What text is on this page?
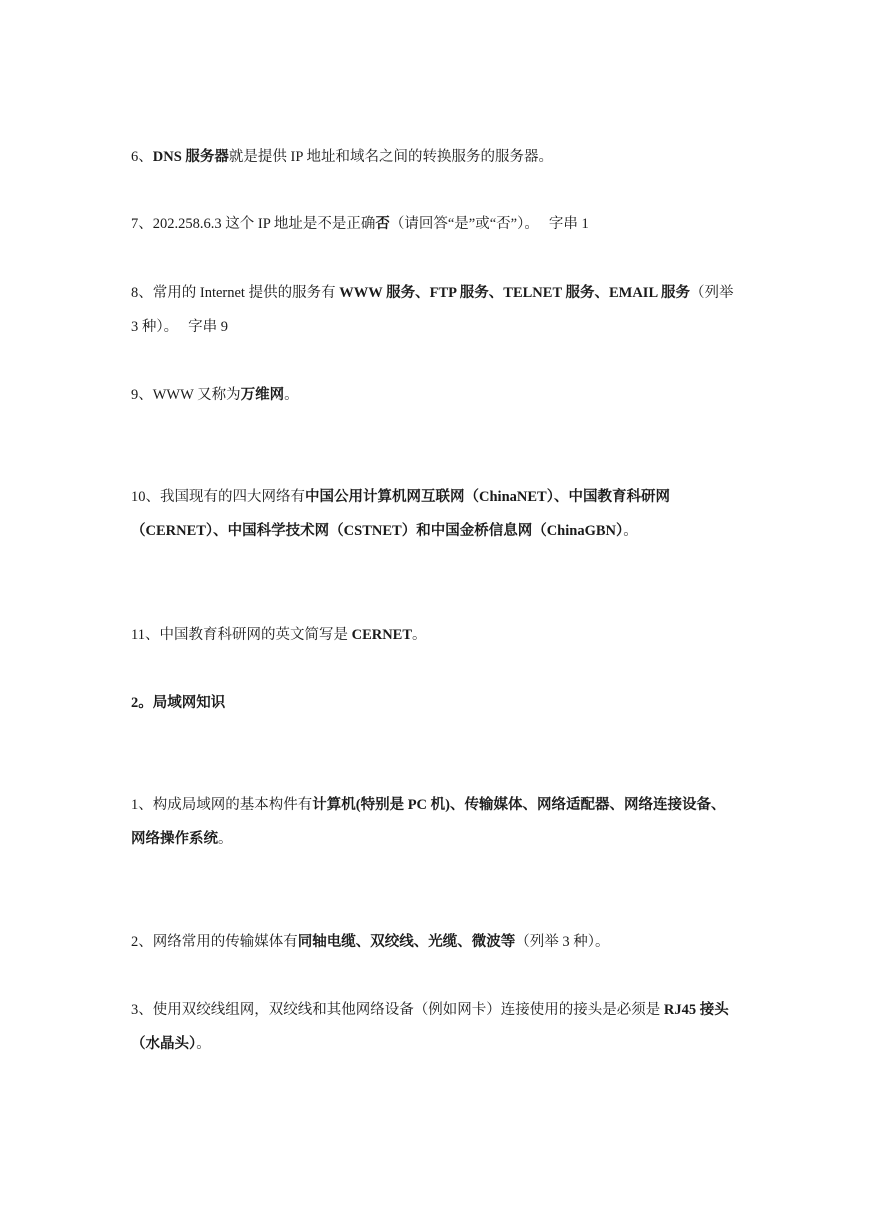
6、DNS 服务器就是提供 IP 地址和域名之间的转换服务的服务器。

7、202.258.6.3 这个 IP 地址是不是正确否（请回答“是”或“否”）。 字串 1

8、常用的 Internet 提供的服务有 WWW 服务、FTP 服务、TELNET 服务、EMAIL 服务（列举 3 种）。 字串 9

9、WWW 又称为万维网。

10、我国现有的四大网络有中国公用计算机网互联网（ChinaNET）、中国教育科研网（CERNET）、中国科学技术网（CSTNET）和中国金桥信息网（ChinaGBN）。

11、中国教育科研网的英文简写是 CERNET。

2。局域网知识

1、构成局域网的基本构件有计算机(特别是 PC 机)、传输媒体、网络适配器、网络连接设备、网络操作系统。

2、网络常用的传输媒体有同轴电缆、双绞线、光缆、微波等（列举 3 种）。

3、使用双绞线组网，双绞线和其他网络设备（例如网卡）连接使用的接头是必须是 RJ45 接头（水晶头）。
